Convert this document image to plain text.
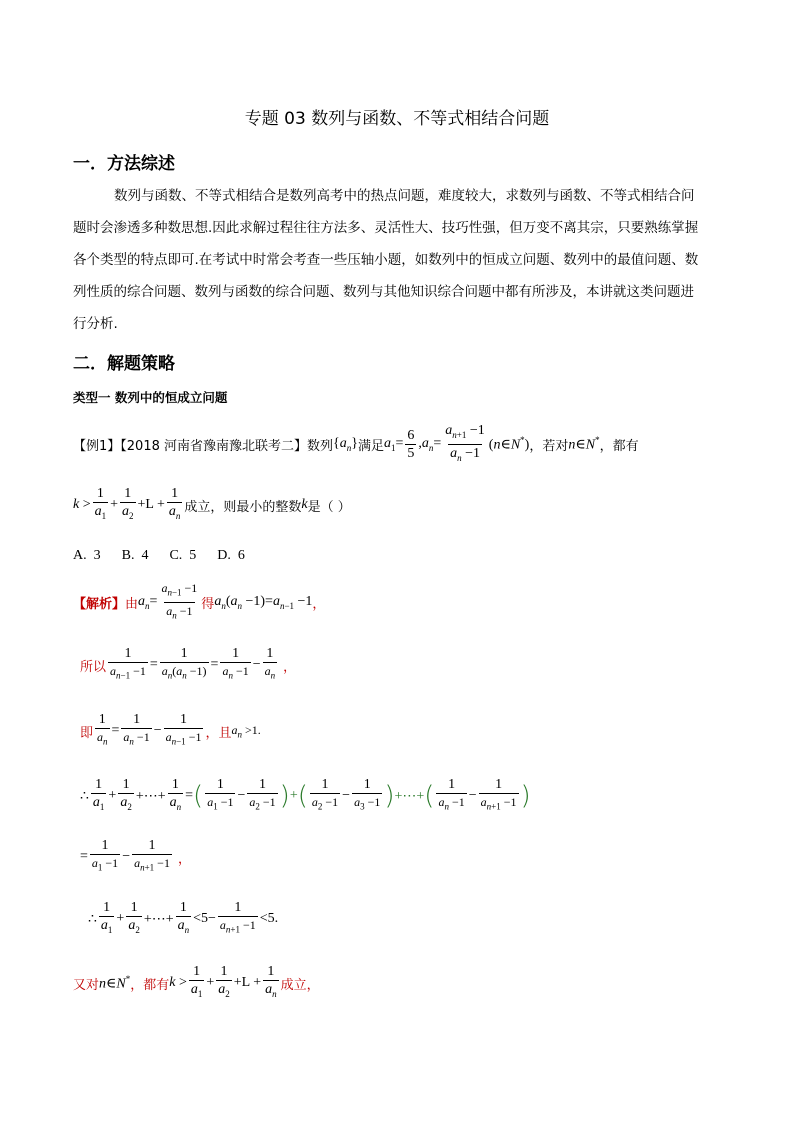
专题 03 数列与函数、不等式相结合问题
一．方法综述
数列与函数、不等式相结合是数列高考中的热点问题，难度较大，求数列与函数、不等式相结合问
题时会渗透多种数思想.因此求解过程往往方法多、灵活性大、技巧性强，但万变不离其宗，只要熟练掌握
各个类型的特点即可.在考试中时常会考查一些压轴小题，如数列中的恒成立问题、数列中的最值问题、数
列性质的综合问题、数列与函数的综合问题、数列与其他知识综合问题中都有所涉及，本讲就这类问题进
行分析.
二．解题策略
类型一 数列中的恒成立问题
【例1】【2018 河南省豫南豫北联考二】数列 $\{a_n\}$ 满足 $a_1= \frac{6}{5} ,a_n= \frac{a_{n+1} -1}{a_n -1}$ (n∈N*) ，若对 n∈N* ，都有
$k > \frac{1}{a_1} + \frac{1}{a_2} +L + \frac{1}{a_n}$ 成立，则最小的整数 k 是（ ）
A.  3      B.  4      C.  5      D.  6
【解析】 由 $a_n= \frac{a_{n-1} -1}{a_n -1}$ 得 $a_n(a_n -1)=a_{n-1} -1$ ，
所以 $\frac{1}{a_{n-1} -1} = \frac{1}{a_n(a_n -1)} = \frac{1}{a_n -1} - \frac{1}{a_n}$ ，
即 $\frac{1}{a_n} = \frac{1}{a_n -1} - \frac{1}{a_{n-1} -1}$ ，且 $a_n >1$.
∴ $\frac{1}{a_1} + \frac{1}{a_2}$ +⋯+ $\frac{1}{a_n}$ = ( $\frac{1}{a_1 -1} - \frac{1}{a_2 -1}$ ) + ( $\frac{1}{a_2 -1} - \frac{1}{a_3 -1}$ ) +⋯+ ( $\frac{1}{a_n -1} - \frac{1}{a_{n+1} -1}$ )
= $\frac{1}{a_1 -1} - \frac{1}{a_{n+1} -1}$ ，
∴ $\frac{1}{a_1} + \frac{1}{a_2}$ +⋯+ $\frac{1}{a_n} <5- \frac{1}{a_{n+1} -1} <5$.
又对 n∈N* ，都有 $k > \frac{1}{a_1} + \frac{1}{a_2} +L + \frac{1}{a_n}$ 成立，
